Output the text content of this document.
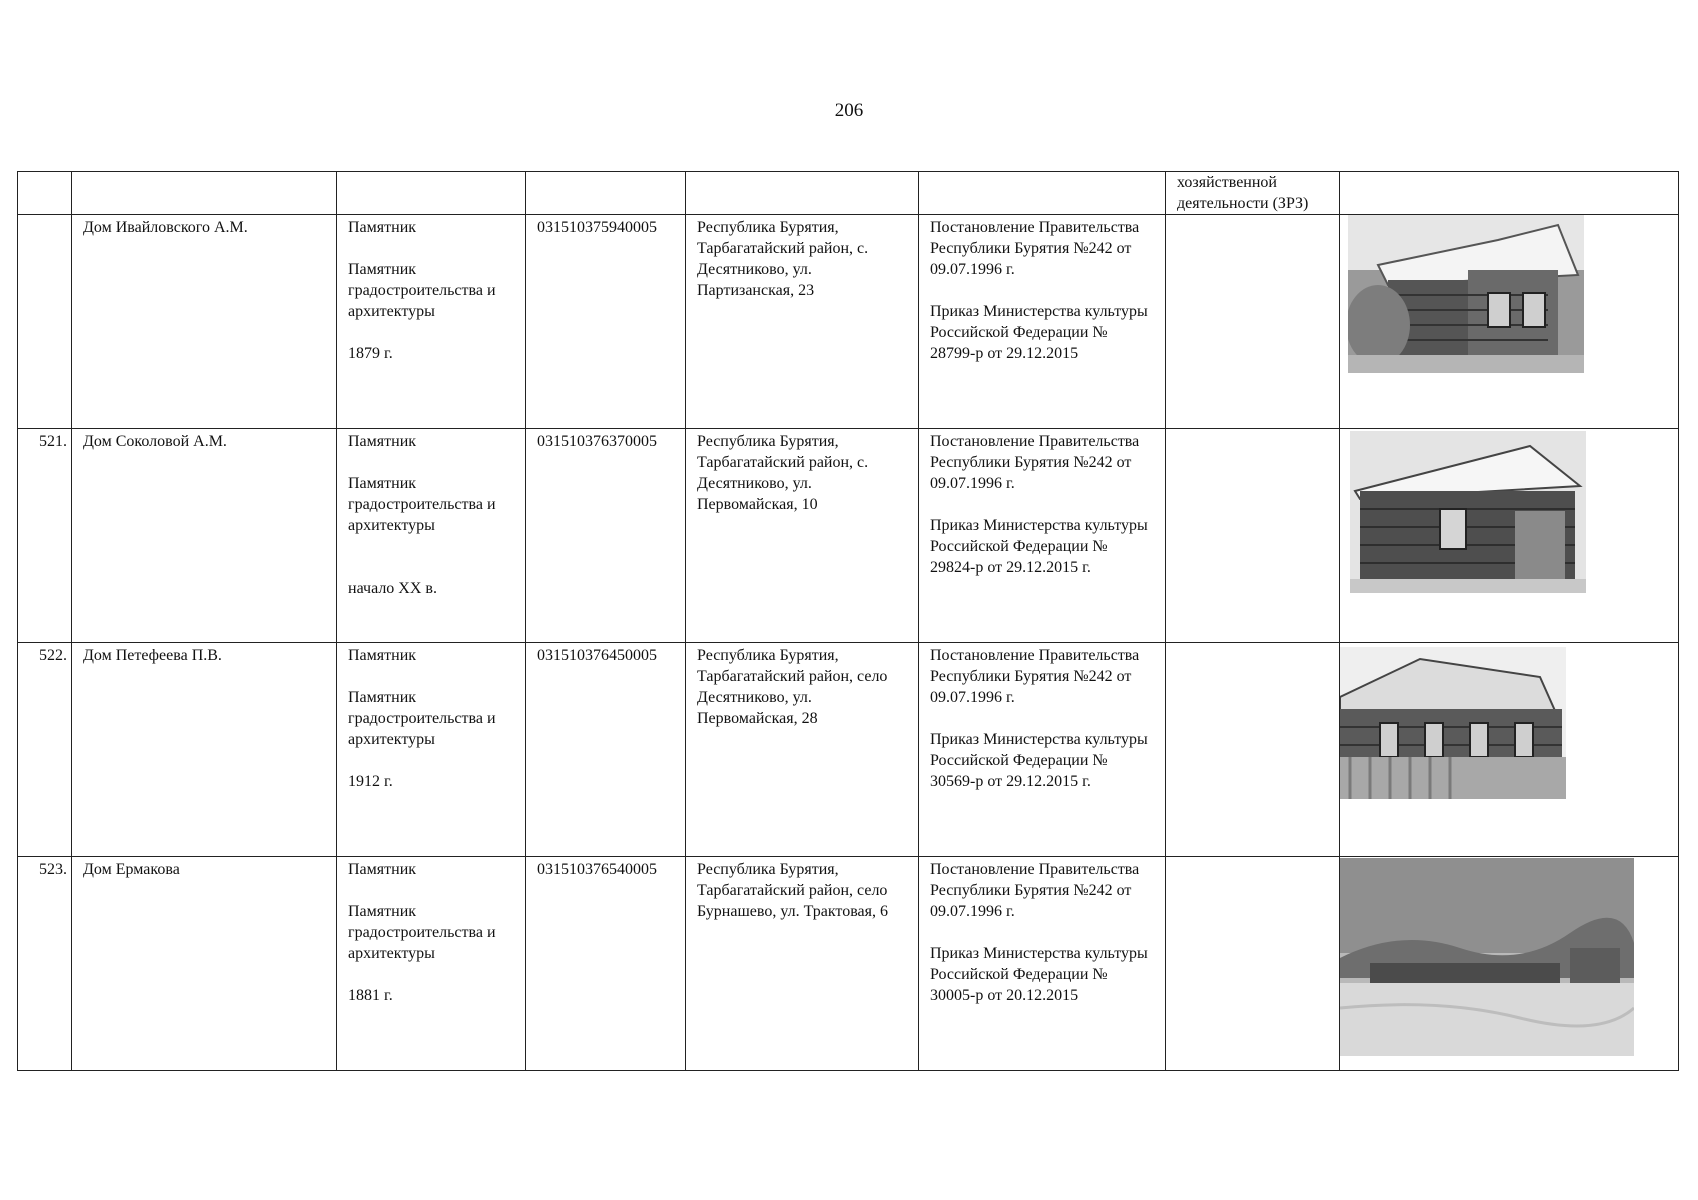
206
						хозяйственной деятельности (ЗРЗ)	
	Дом Ивайловского А.М.	Памятник
Памятник градостроительства и архитектуры
1879 г.	031510375940005	Республика Бурятия, Тарбагатайский район, с. Десятниково, ул. Партизанская, 23	Постановление Правительства Республики Бурятия №242 от 09.07.1996 г.
Приказ Министерства культуры Российской Федерации № 28799-р от 29.12.2015

521.	Дом Соколовой А.М.	Памятник
Памятник градостроительства и архитектуры
начало XX в.	031510376370005	Республика Бурятия, Тарбагатайский район, с. Десятниково, ул. Первомайская, 10	Постановление Правительства Республики Бурятия №242 от 09.07.1996 г.
Приказ Министерства культуры Российской Федерации №
29824-р от 29.12.2015 г.

522.	Дом Петефеева П.В.	Памятник
Памятник градостроительства и архитектуры
1912 г.	031510376450005	Республика Бурятия, Тарбагатайский район, село Десятниково, ул. Первомайская, 28	Постановление Правительства Республики Бурятия №242 от 09.07.1996 г.
Приказ Министерства культуры Российской Федерации №
30569-р от 29.12.2015 г.

523.	Дом Ермакова	Памятник
Памятник градостроительства и архитектуры
1881 г.	031510376540005	Республика Бурятия, Тарбагатайский район, село Бурнашево, ул. Трактовая, 6	Постановление Правительства Республики Бурятия №242 от 09.07.1996 г.
Приказ Министерства культуры Российской Федерации №
30005-р от 20.12.2015
